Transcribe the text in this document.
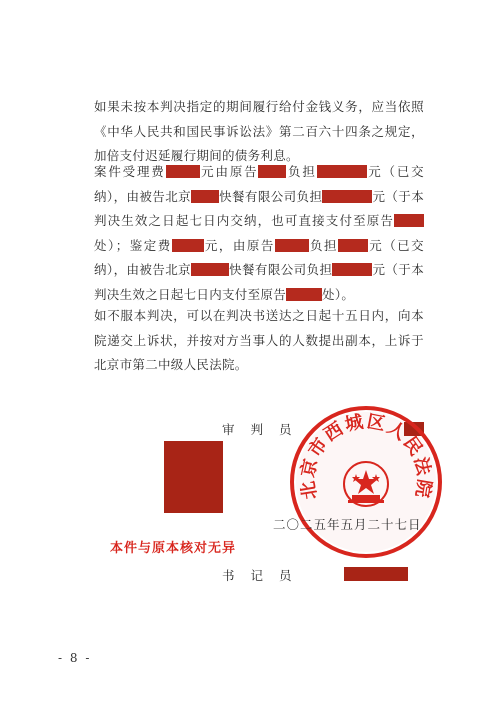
如果未按本判决指定的期间履行给付金钱义务，应当依照《中华人民共和国民事诉讼法》第二百六十四条之规定，加倍支付迟延履行期间的债务利息。

案件受理费	元由原告 负担	元（已交纳），由被告北京 快餐有限公司负担	元（于本判决生效之日起七日内交纳，也可直接支付至原告处）；鉴定费	元，由原告	负担 元（已交纳），由被告北京	快餐有限公司负担	元（于本判决生效之日起七日内支付至原告	处）。

如不服本判决，可以在判决书送达之日起十五日内，向本院递交上诉状，并按对方当事人的人数提出副本，上诉于北京市第二中级人民法院。

审判员
北京市西城区人民法院
二〇二五年五月二十七日
本件与原本核对无异
书记员
- 8 -
